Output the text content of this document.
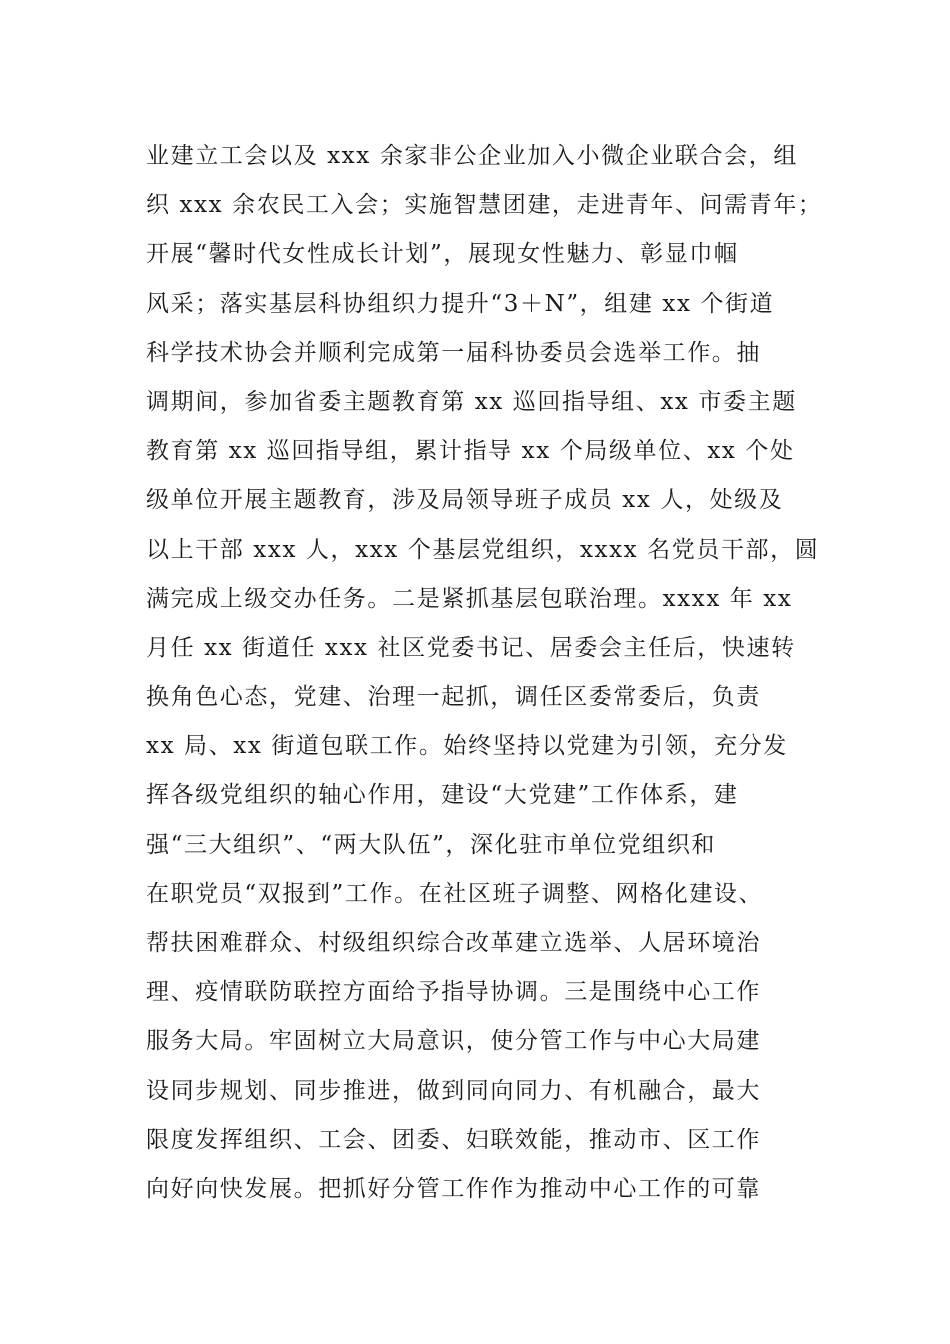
业建立工会以及 xxx 余家非公企业加入小微企业联合会，组
织 xxx 余农民工入会；实施智慧团建，走进青年、问需青年；
开展“馨时代女性成长计划”，展现女性魅力、彰显巾帼
风采；落实基层科协组织力提升“3＋N”，组建 xx 个街道
科学技术协会并顺利完成第一届科协委员会选举工作。抽
调期间，参加省委主题教育第 xx 巡回指导组、xx 市委主题
教育第 xx 巡回指导组，累计指导 xx 个局级单位、xx 个处
级单位开展主题教育，涉及局领导班子成员 xx 人，处级及
以上干部 xxx 人，xxx 个基层党组织，xxxx 名党员干部，圆
满完成上级交办任务。二是紧抓基层包联治理。xxxx 年 xx
月任 xx 街道任 xxx 社区党委书记、居委会主任后，快速转
换角色心态，党建、治理一起抓，调任区委常委后，负责
xx 局、xx 街道包联工作。始终坚持以党建为引领，充分发
挥各级党组织的轴心作用，建设“大党建”工作体系，建
强“三大组织”、“两大队伍”，深化驻市单位党组织和
在职党员“双报到”工作。在社区班子调整、网格化建设、
帮扶困难群众、村级组织综合改革建立选举、人居环境治
理、疫情联防联控方面给予指导协调。三是围绕中心工作
服务大局。牢固树立大局意识，使分管工作与中心大局建
设同步规划、同步推进，做到同向同力、有机融合，最大
限度发挥组织、工会、团委、妇联效能，推动市、区工作
向好向快发展。把抓好分管工作作为推动中心工作的可靠
